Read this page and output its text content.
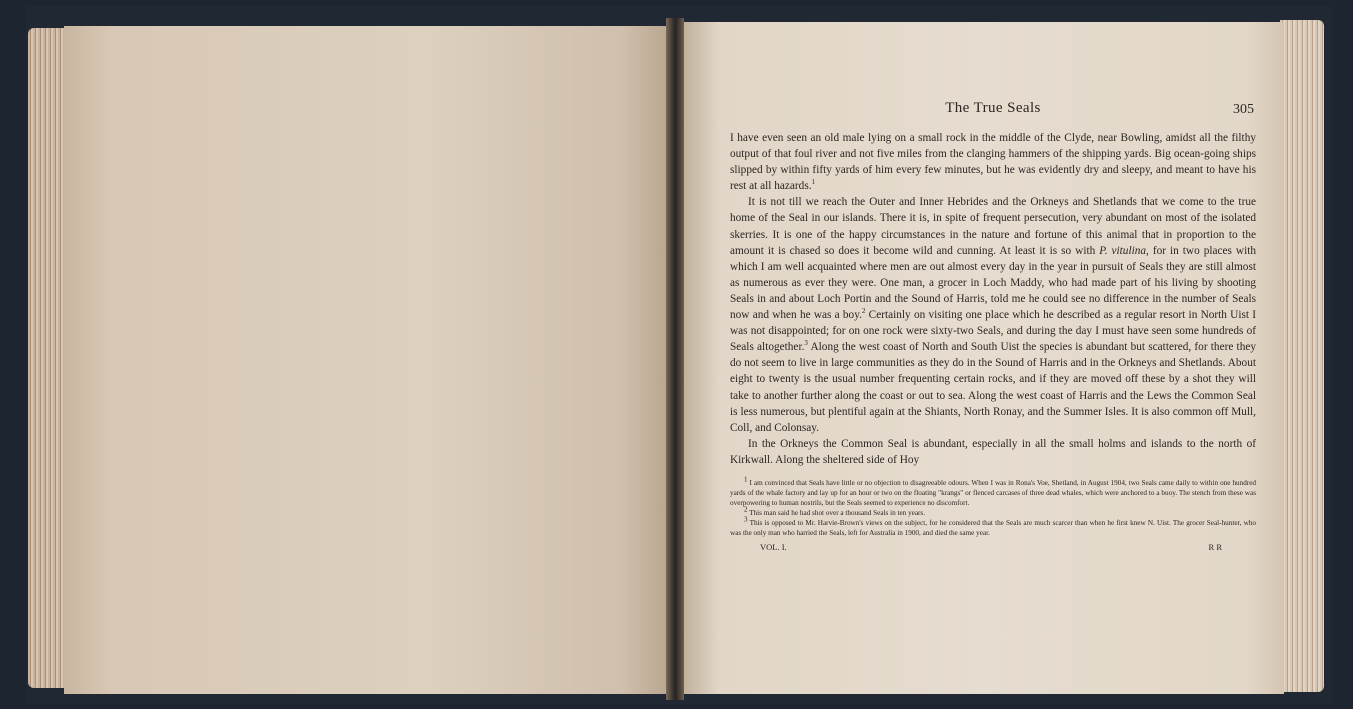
The True Seals	305

I have even seen an old male lying on a small rock in the middle of the Clyde, near Bowling, amidst all the filthy output of that foul river and not five miles from the clanging hammers of the shipping yards. Big ocean-going ships slipped by within fifty yards of him every few minutes, but he was evidently dry and sleepy, and meant to have his rest at all hazards.$^1$

It is not till we reach the Outer and Inner Hebrides and the Orkneys and Shetlands that we come to the true home of the Seal in our islands. There it is, in spite of frequent persecution, very abundant on most of the isolated skerries. It is one of the happy circumstances in the nature and fortune of this animal that in proportion to the amount it is chased so does it become wild and cunning. At least it is so with P. vitulina, for in two places with which I am well acquainted where men are out almost every day in the year in pursuit of Seals they are still almost as numerous as ever they were. One man, a grocer in Loch Maddy, who had made part of his living by shooting Seals in and about Loch Portin and the Sound of Harris, told me he could see no difference in the number of Seals now and when he was a boy.$^2$ Certainly on visiting one place which he described as a regular resort in North Uist I was not disappointed; for on one rock were sixty-two Seals, and during the day I must have seen some hundreds of Seals altogether.$^3$ Along the west coast of North and South Uist the species is abundant but scattered, for there they do not seem to live in large communities as they do in the Sound of Harris and in the Orkneys and Shetlands. About eight to twenty is the usual number frequenting certain rocks, and if they are moved off these by a shot they will take to another further along the coast or out to sea. Along the west coast of Harris and the Lews the Common Seal is less numerous, but plentiful again at the Shiants, North Ronay, and the Summer Isles. It is also common off Mull, Coll, and Colonsay.

In the Orkneys the Common Seal is abundant, especially in all the small holms and islands to the north of Kirkwall. Along the sheltered side of Hoy

$^1$ I am convinced that Seals have little or no objection to disagreeable odours. When I was in Rona's Voe, Shetland, in August 1904, two Seals came daily to within one hundred yards of the whale factory and lay up for an hour or two on the floating "krangs" or flenced carcases of three dead whales, which were anchored to a buoy. The stench from these was overpowering to human nostrils, but the Seals seemed to experience no discomfort.

$^2$ This man said he had shot over a thousand Seals in ten years.

$^3$ This is opposed to Mr. Harvie-Brown's views on the subject, for he considered that the Seals are much scarcer than when he first knew N. Uist. The grocer Seal-hunter, who was the only man who harried the Seals, left for Australia in 1900, and died the same year.

VOL. I.	R R
